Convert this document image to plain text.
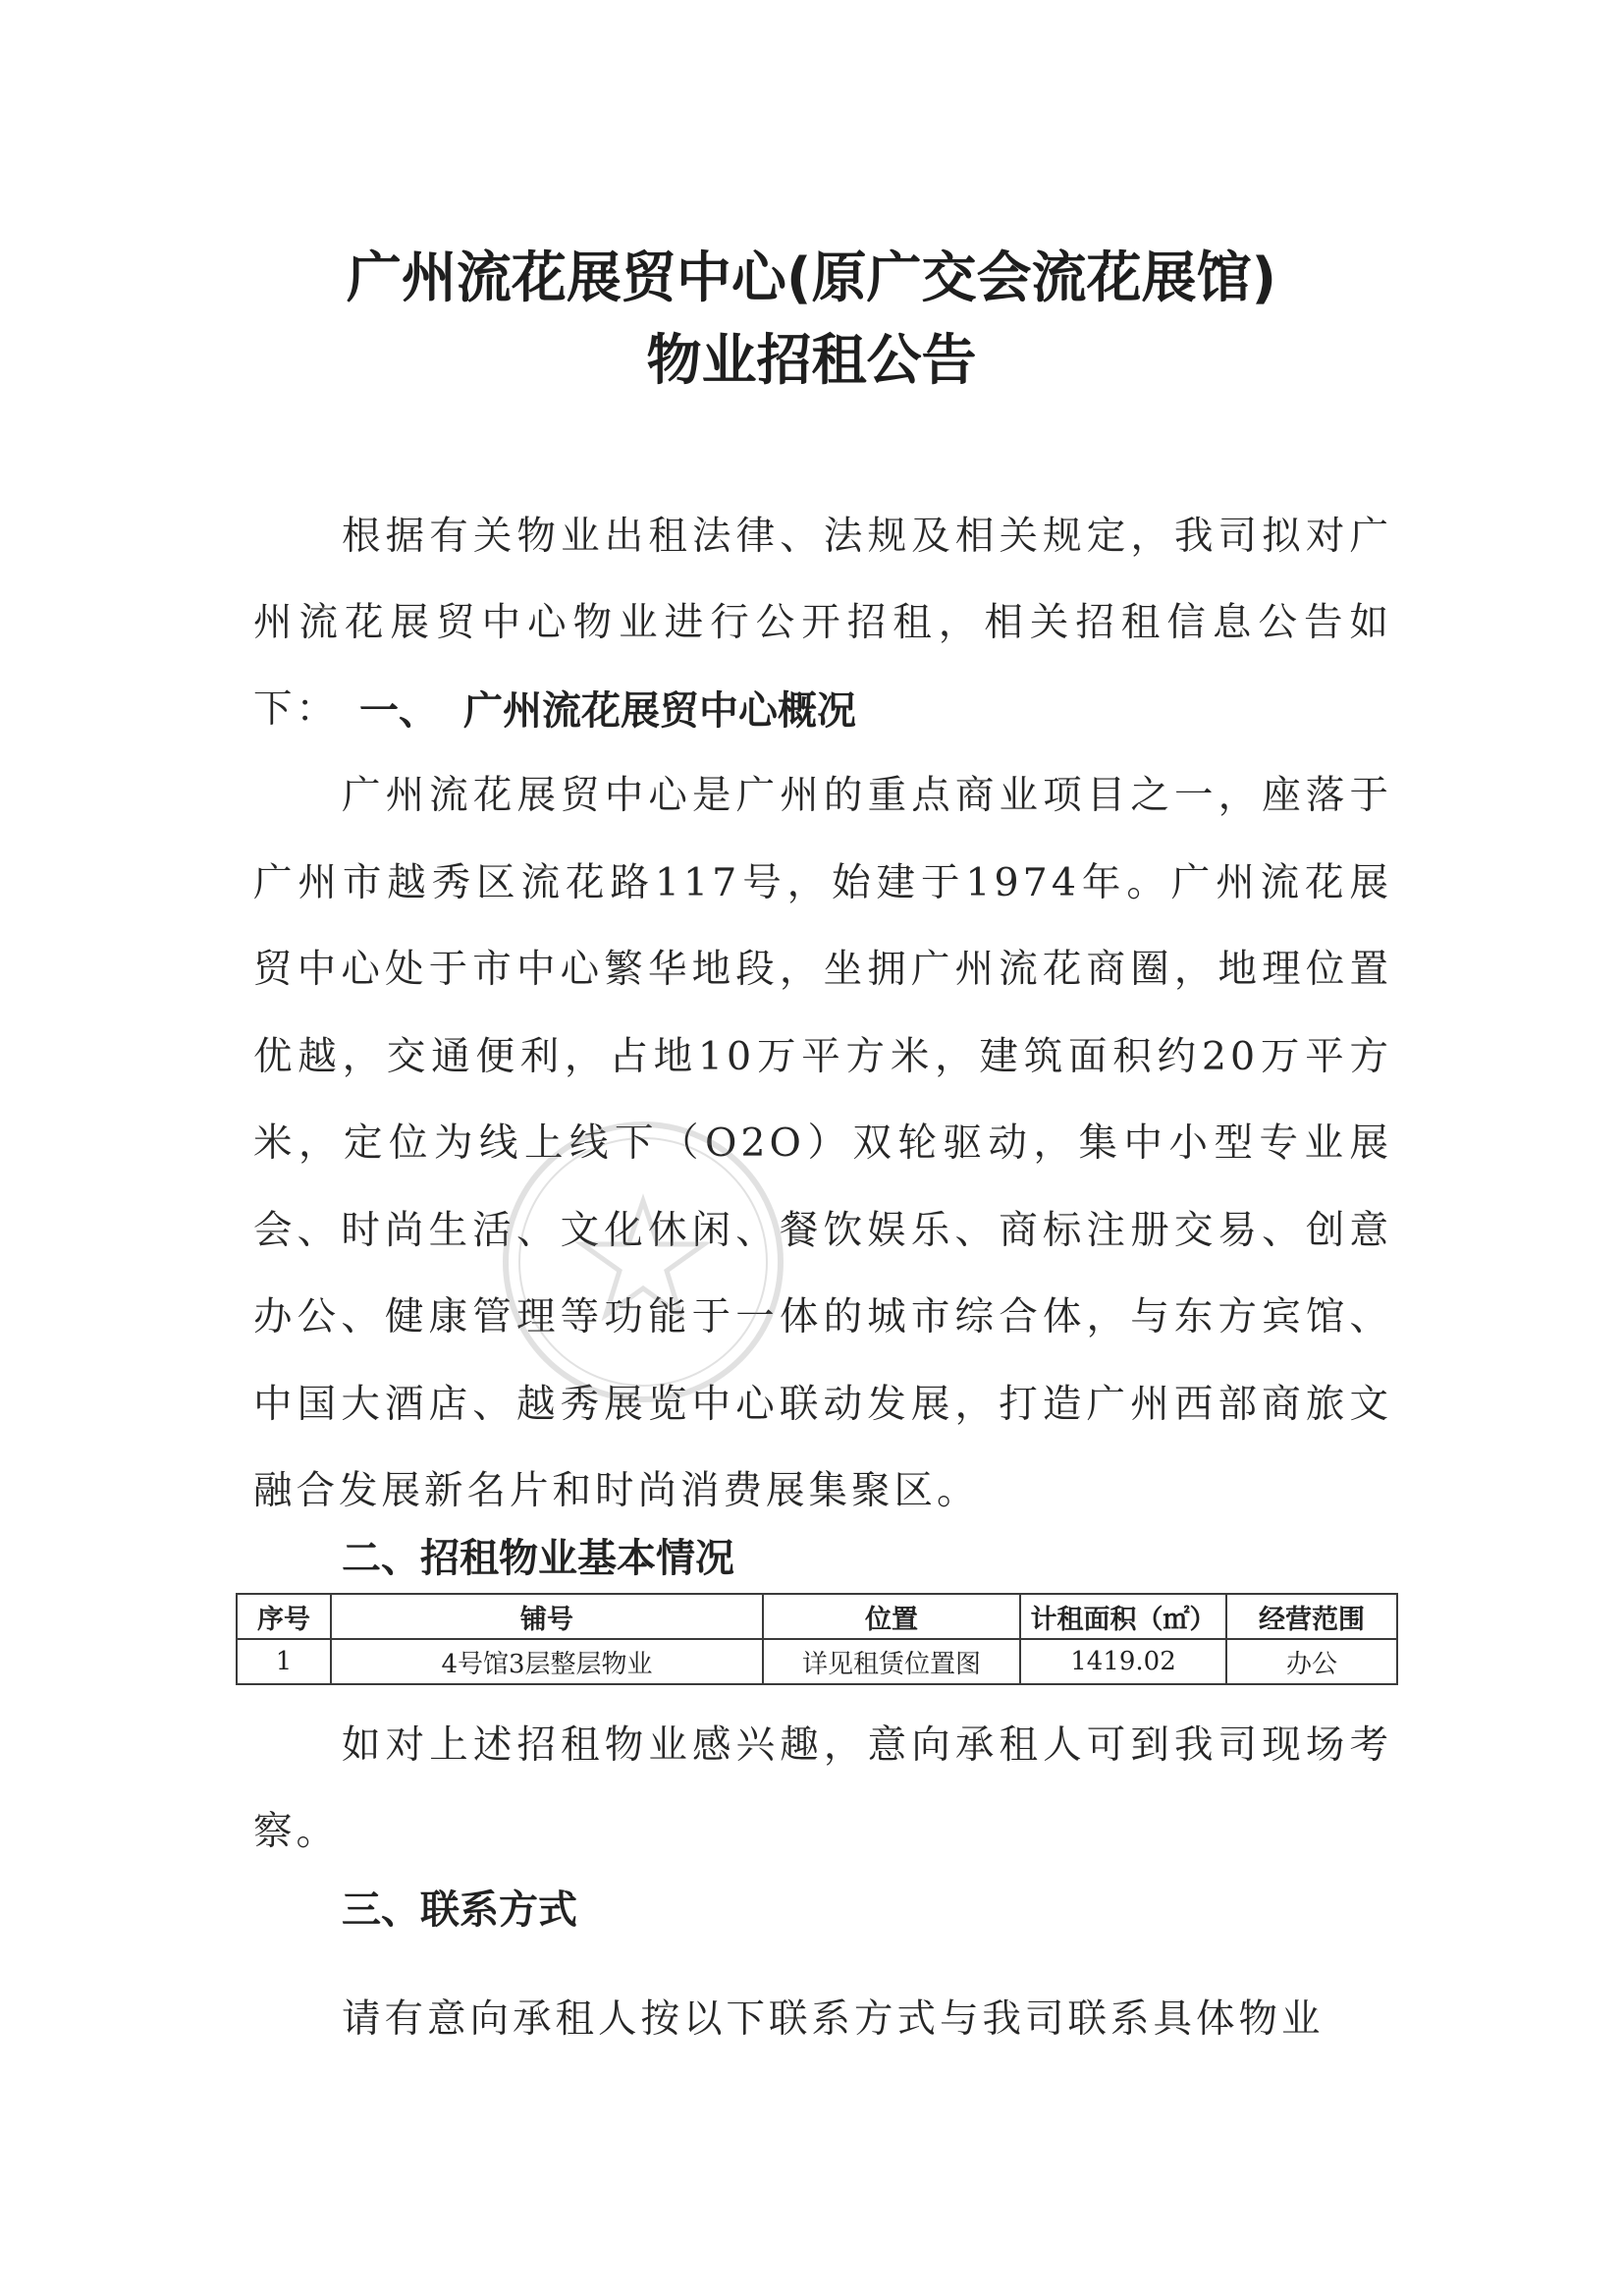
广州流花展贸中心(原广交会流花展馆)
物业招租公告
根据有关物业出租法律、法规及相关规定，我司拟对广州流花展贸中心物业进行公开招租，相关招租信息公告如下： 一、 广州流花展贸中心概况
广州流花展贸中心是广州的重点商业项目之一，座落于广州市越秀区流花路117号，始建于1974年。广州流花展贸中心处于市中心繁华地段，坐拥广州流花商圈，地理位置优越，交通便利，占地10万平方米，建筑面积约20万平方米，定位为线上线下（O2O）双轮驱动，集中小型专业展会、时尚生活、文化休闲、餐饮娱乐、商标注册交易、创意办公、健康管理等功能于一体的城市综合体，与东方宾馆、中国大酒店、越秀展览中心联动发展，打造广州西部商旅文融合发展新名片和时尚消费展集聚区。
二、招租物业基本情况
序号	铺号	位置	计租面积（㎡）	经营范围
1	4号馆3层整层物业	详见租赁位置图	1419.02	办公
如对上述招租物业感兴趣，意向承租人可到我司现场考察。
三、联系方式
请有意向承租人按以下联系方式与我司联系具体物业
